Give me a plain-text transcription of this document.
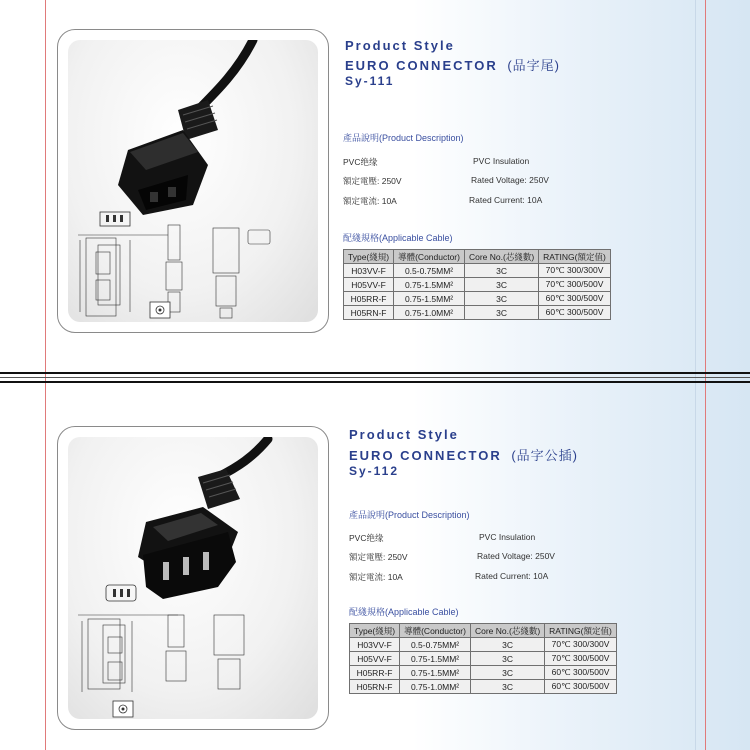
Product Style
EURO CONNECTOR (品字尾)
Sy-111
產品說明(Product Description)
PVC绝缘	PVC Insulation
額定電壓: 250V	Rated Voltage: 250V
額定電流: 10A	Rated Current: 10A
配綫規格(Applicable Cable)
Type(綫規)	導體(Conductor)	Core No.(芯綫數)	RATING(額定值)
H03VV-F	0.5-0.75MM²	3C	70℃ 300/300V
H05VV-F	0.75-1.5MM²	3C	70℃ 300/500V
H05RR-F	0.75-1.5MM²	3C	60℃ 300/500V
H05RN-F	0.75-1.0MM²	3C	60℃ 300/500V
Product Style
EURO CONNECTOR (品字公插)
Sy-112
產品說明(Product Description)
PVC绝缘	PVC Insulation
額定電壓: 250V	Rated Voltage: 250V
額定電流: 10A	Rated Current: 10A
配綫規格(Applicable Cable)
Type(綫規)	導體(Conductor)	Core No.(芯綫數)	RATING(額定值)
H03VV-F	0.5-0.75MM²	3C	70℃ 300/300V
H05VV-F	0.75-1.5MM²	3C	70℃ 300/500V
H05RR-F	0.75-1.5MM²	3C	60℃ 300/500V
H05RN-F	0.75-1.0MM²	3C	60℃ 300/500V
